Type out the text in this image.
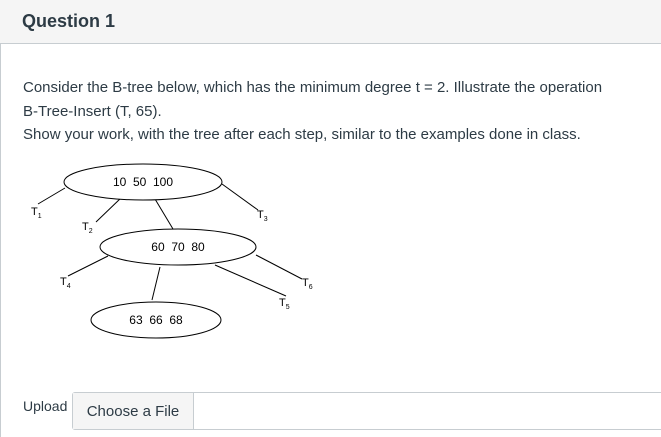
Question 1

Consider the B-tree below, which has the minimum degree t = 2. Illustrate the operation

B-Tree-Insert (T, 65).

Show your work, with the tree after each step, similar to the examples done in class.

10  50  100
60  70  80
63  66  68
$T_1$
$T_2$
$T_3$
$T_4$
$T_5$
$T_6$
Upload	Choose a File
